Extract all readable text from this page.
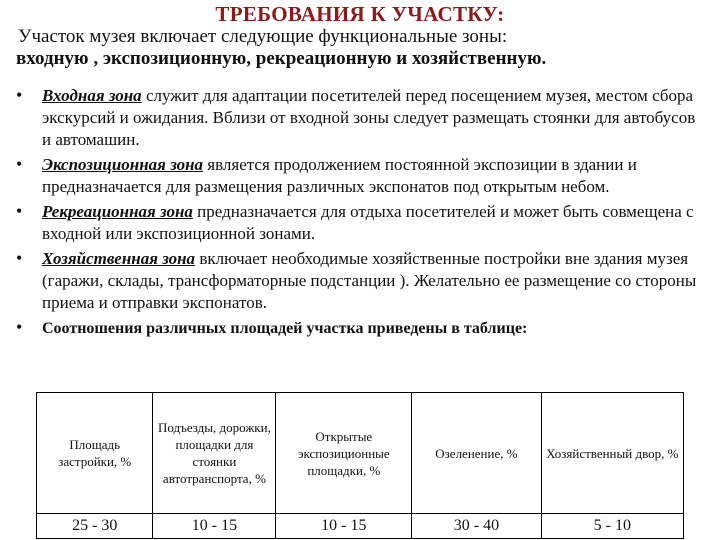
ТРЕБОВАНИЯ К УЧАСТКУ:
Участок музея включает следующие функциональные зоны:
входную , экспозиционную, рекреационную и хозяйственную.
• Входная зона служит для адаптации посетителей перед посещением музея, местом сбора экскурсий и ожидания. Вблизи от входной зоны следует размещать стоянки для автобусов и автомашин.
• Экспозиционная зона является продолжением постоянной экспозиции в здании и предназначается для размещения различных экспонатов под открытым небом.
• Рекреационная зона предназначается для отдыха посетителей и может быть совмещена с входной или экспозиционной зонами.
• Хозяйственная зона включает необходимые хозяйственные постройки вне здания музея (гаражи, склады, трансформаторные подстанции ). Желательно ее размещение со стороны приема и отправки экспонатов.
• Соотношения различных площадей участка приведены в таблице:
Площадь застройки, %	Подъезды, дорожки, площадки для стоянки автотранспорта, %	Открытые экспозиционные площадки, %	Озеленение, %	Хозяйственный двор, %
25 - 30	10 - 15	10 - 15	30 - 40	5 - 10
